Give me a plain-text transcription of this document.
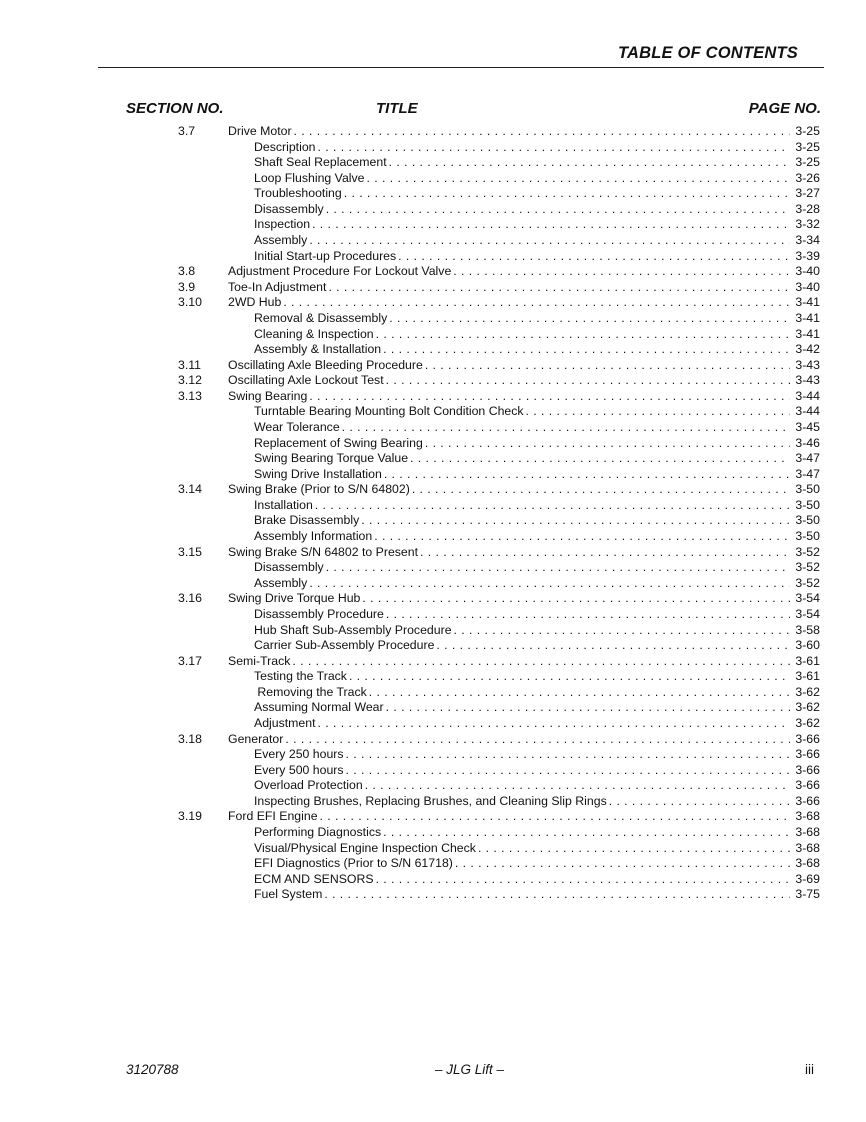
TABLE OF CONTENTS
SECTION NO.	TITLE	PAGE NO.
3.7	Drive Motor . . .	3-25
Description . . .	3-25
Shaft Seal Replacement . . .	3-25
Loop Flushing Valve . . .	3-26
Troubleshooting . . .	3-27
Disassembly . . .	3-28
Inspection . . .	3-32
Assembly . . .	3-34
Initial Start-up Procedures . . .	3-39
3.8	Adjustment Procedure For Lockout Valve . . .	3-40
3.9	Toe-In Adjustment . . .	3-40
3.10 2WD Hub . . .	3-41
Removal & Disassembly . . .	3-41
Cleaning & Inspection . . .	3-41
Assembly & Installation . . .	3-42
3.11 Oscillating Axle Bleeding Procedure . . .	3-43
3.12 Oscillating Axle Lockout Test . . .	3-43
3.13 Swing Bearing . . .	3-44
Turntable Bearing Mounting Bolt Condition Check . . .	3-44
Wear Tolerance . . .	3-45
Replacement of Swing Bearing . . .	3-46
Swing Bearing Torque Value . . .	3-47
Swing Drive Installation . . .	3-47
3.14 Swing Brake (Prior to S/N 64802) . . .	3-50
Installation . . .	3-50
Brake Disassembly . . .	3-50
Assembly Information . . .	3-50
3.15 Swing Brake S/N 64802 to Present . . .	3-52
Disassembly . . .	3-52
Assembly . . .	3-52
3.16 Swing Drive Torque Hub . . .	3-54
Disassembly Procedure . . .	3-54
Hub Shaft Sub-Assembly Procedure . . .	3-58
Carrier Sub-Assembly Procedure . . .	3-60
3.17 Semi-Track . . .	3-61
Testing the Track . . .	3-61
Removing the Track . . .	3-62
Assuming Normal Wear . . .	3-62
Adjustment . . .	3-62
3.18 Generator . . .	3-66
Every 250 hours . . .	3-66
Every 500 hours . . .	3-66
Overload Protection . . .	3-66
Inspecting Brushes, Replacing Brushes, and Cleaning Slip Rings . . .	3-66
3.19 Ford EFI Engine . . .	3-68
Performing Diagnostics . . .	3-68
Visual/Physical Engine Inspection Check . . .	3-68
EFI Diagnostics (Prior to S/N 61718) . . .	3-68
ECM AND SENSORS . . .	3-69
Fuel System . . .	3-75
3120788	– JLG Lift –	iii
